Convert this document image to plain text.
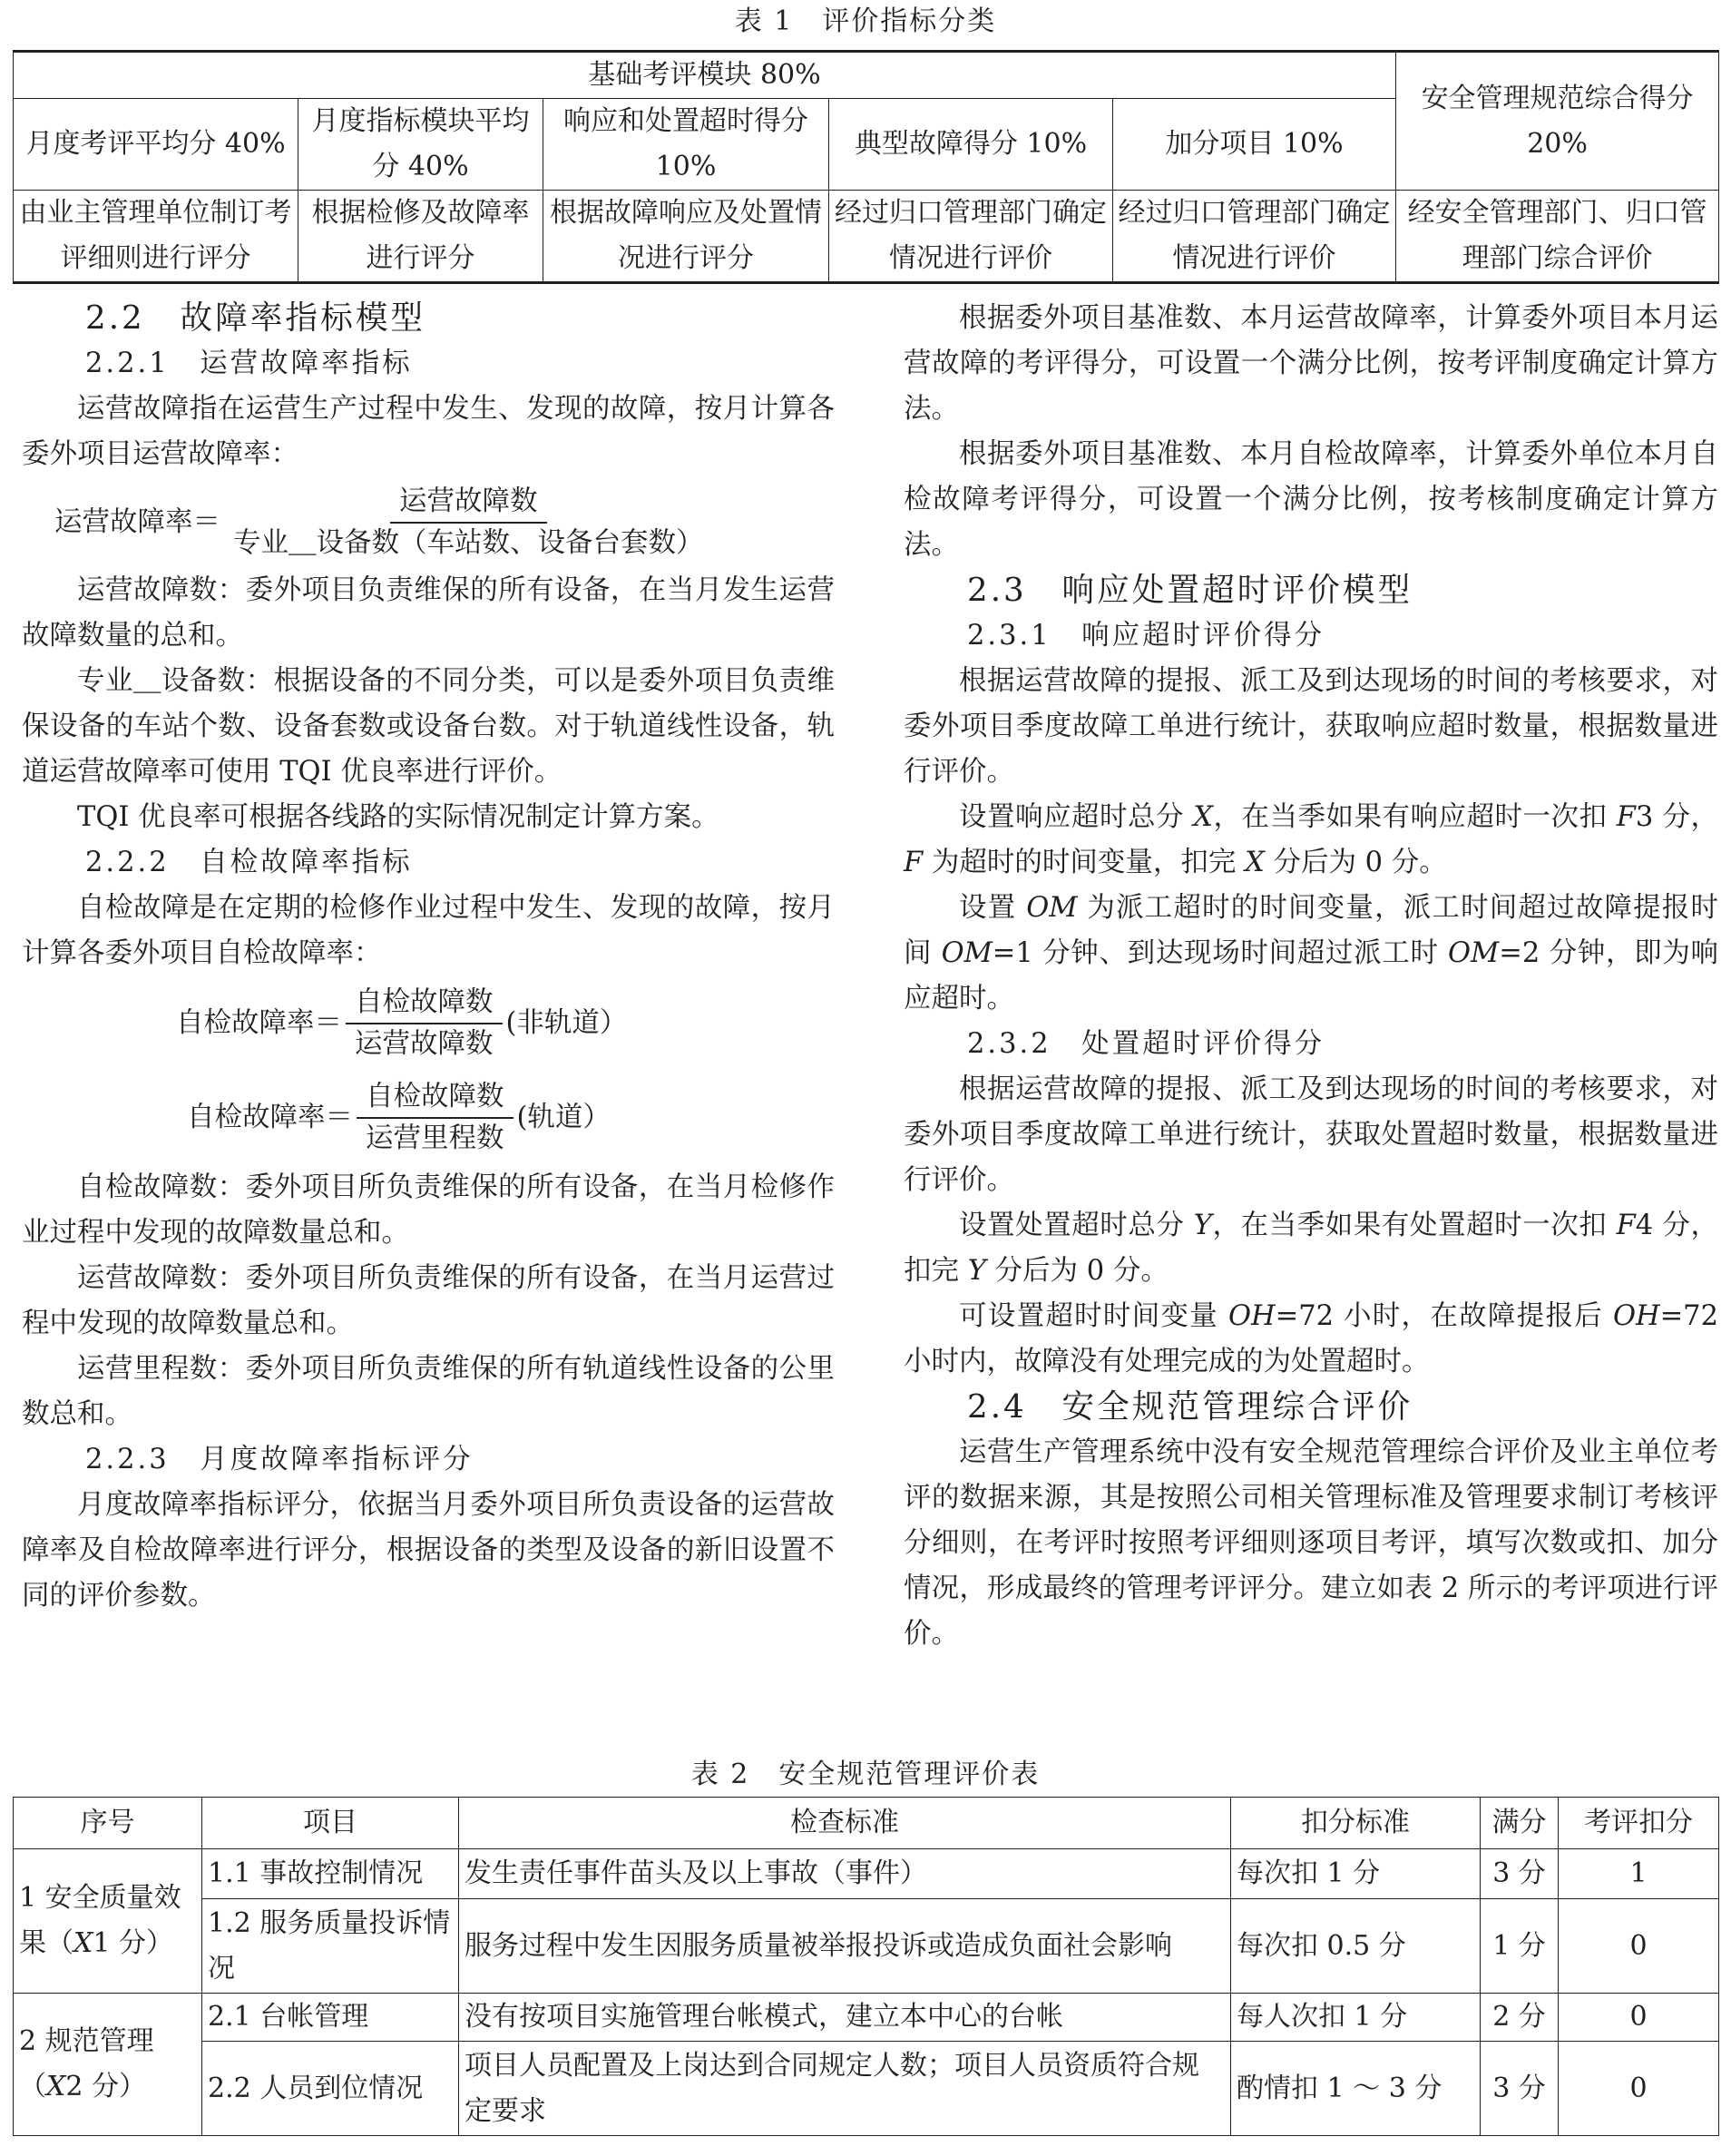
表 1　评价指标分类
基础考评模块 80%					安全管理规范综合得分 20%
月度考评平均分 40%	月度指标模块平均分 40%	响应和处置超时得分 10%	典型故障得分 10%	加分项目 10%	
由业主管理单位制订考评细则进行评分	根据检修及故障率进行评分	根据故障响应及处置情况进行评分	经过归口管理部门确定情况进行评价	经过归口管理部门确定情况进行评价	经安全管理部门、归口管理部门综合评价
2.2　故障率指标模型
2.2.1　运营故障率指标

运营故障指在运营生产过程中发生、发现的故障，按月计算各委外项目运营故障率：

运营故障率＝ $\frac{\text{运营故障数}}{\text{专业＿设备数（车站数、设备台套数）}}$

运营故障数：委外项目负责维保的所有设备，在当月发生运营故障数量的总和。

专业＿设备数：根据设备的不同分类，可以是委外项目负责维保设备的车站个数、设备套数或设备台数。对于轨道线性设备，轨道运营故障率可使用 TQI 优良率进行评价。

TQI 优良率可根据各线路的实际情况制定计算方案。

2.2.2　自检故障率指标

自检故障是在定期的检修作业过程中发生、发现的故障，按月计算各委外项目自检故障率：

自检故障率＝ $\frac{\text{自检故障数}}{\text{运营故障数}}$ (非轨道）
自检故障率＝ $\frac{\text{自检故障数}}{\text{运营里程数}}$ (轨道）

自检故障数：委外项目所负责维保的所有设备，在当月检修作业过程中发现的故障数量总和。

运营故障数：委外项目所负责维保的所有设备，在当月运营过程中发现的故障数量总和。

运营里程数：委外项目所负责维保的所有轨道线性设备的公里数总和。

2.2.3　月度故障率指标评分

月度故障率指标评分，依据当月委外项目所负责设备的运营故障率及自检故障率进行评分，根据设备的类型及设备的新旧设置不同的评价参数。

根据委外项目基准数、本月运营故障率，计算委外项目本月运营故障的考评得分，可设置一个满分比例，按考评制度确定计算方法。

根据委外项目基准数、本月自检故障率，计算委外单位本月自检故障考评得分，可设置一个满分比例，按考核制度确定计算方法。

2.3　响应处置超时评价模型
2.3.1　响应超时评价得分

根据运营故障的提报、派工及到达现场的时间的考核要求，对委外项目季度故障工单进行统计，获取响应超时数量，根据数量进行评价。

设置响应超时总分 X，在当季如果有响应超时一次扣 F3 分，F 为超时的时间变量，扣完 X 分后为 0 分。

设置 OM 为派工超时的时间变量，派工时间超过故障提报时间 OM=1 分钟、到达现场时间超过派工时 OM=2 分钟，即为响应超时。

2.3.2　处置超时评价得分

根据运营故障的提报、派工及到达现场的时间的考核要求，对委外项目季度故障工单进行统计，获取处置超时数量，根据数量进行评价。

设置处置超时总分 Y，在当季如果有处置超时一次扣 F4 分，扣完 Y 分后为 0 分。

可设置超时时间变量 OH=72 小时，在故障提报后 OH=72 小时内，故障没有处理完成的为处置超时。

2.4　安全规范管理综合评价

运营生产管理系统中没有安全规范管理综合评价及业主单位考评的数据来源，其是按照公司相关管理标准及管理要求制订考核评分细则，在考评时按照考评细则逐项目考评，填写次数或扣、加分情况，形成最终的管理考评评分。建立如表 2 所示的考评项进行评价。

表 2　安全规范管理评价表
序号	项目	检查标准	扣分标准	满分	考评扣分
1 安全质量效果（X1 分）	1.1 事故控制情况	发生责任事件苗头及以上事故（事件）	每次扣 1 分	3 分	1
	1.2 服务质量投诉情况	服务过程中发生因服务质量被举报投诉或造成负面社会影响	每次扣 0.5 分	1 分	0
2 规范管理（X2 分）	2.1 台帐管理	没有按项目实施管理台帐模式，建立本中心的台帐	每人次扣 1 分	2 分	0
	2.2 人员到位情况	项目人员配置及上岗达到合同规定人数；项目人员资质符合规定要求	酌情扣 1 ～ 3 分	3 分	0
